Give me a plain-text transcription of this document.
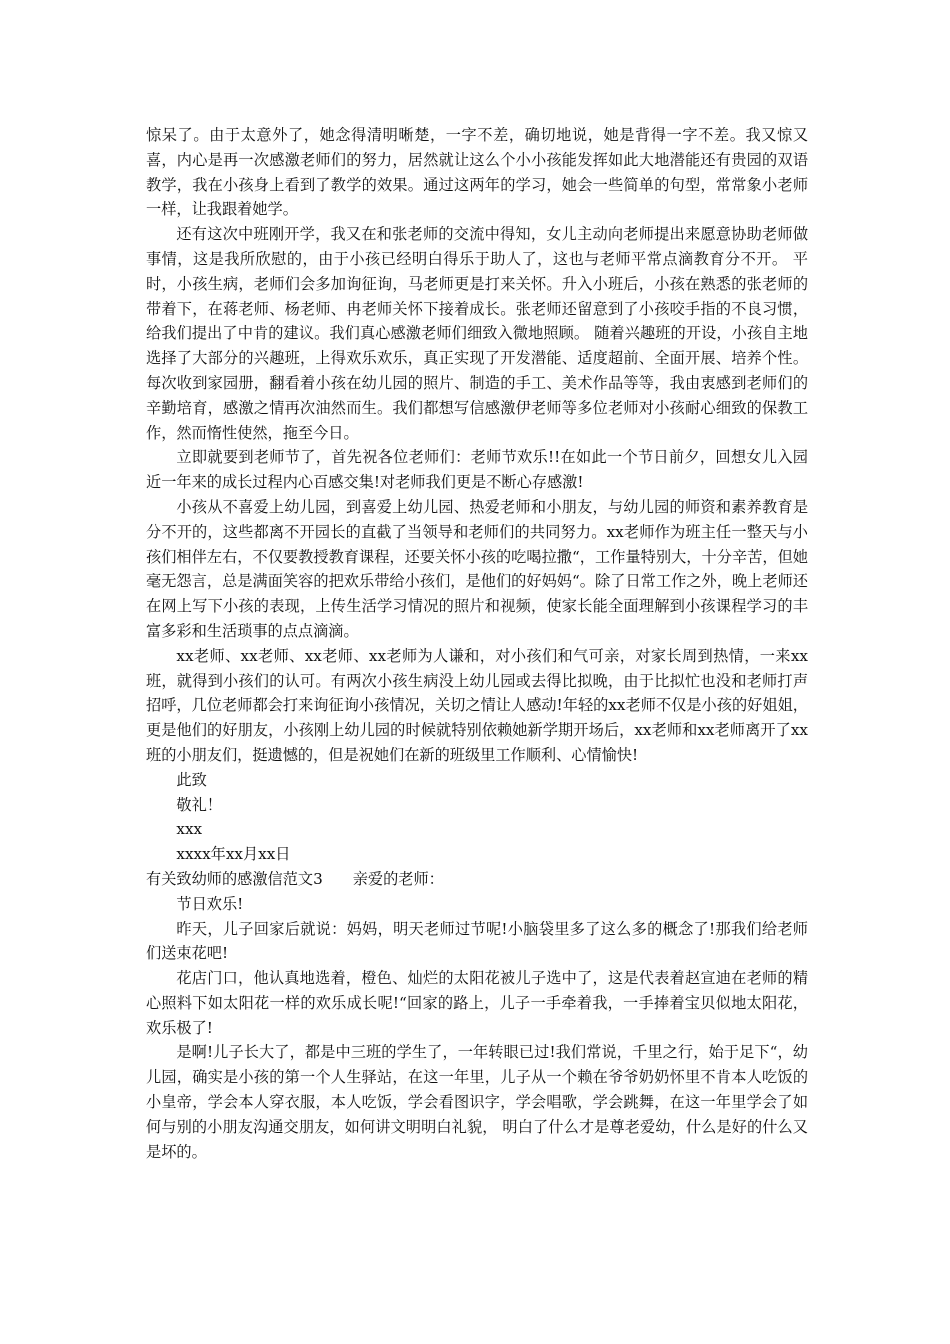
惊呆了。由于太意外了，她念得清明晰楚，一字不差，确切地说，她是背得一字不差。我又惊又喜，内心是再一次感激老师们的努力，居然就让这么个小小孩能发挥如此大地潜能还有贵园的双语教学，我在小孩身上看到了教学的效果。通过这两年的学习，她会一些简单的句型，常常象小老师一样，让我跟着她学。

还有这次中班刚开学，我又在和张老师的交流中得知，女儿主动向老师提出来愿意协助老师做事情，这是我所欣慰的，由于小孩已经明白得乐于助人了，这也与老师平常点滴教育分不开。 平时，小孩生病，老师们会多加询征询，马老师更是打来关怀。升入小班后，小孩在熟悉的张老师的带着下，在蒋老师、杨老师、冉老师关怀下接着成长。张老师还留意到了小孩咬手指的不良习惯，给我们提出了中肯的建议。我们真心感激老师们细致入微地照顾。 随着兴趣班的开设，小孩自主地选择了大部分的兴趣班，上得欢乐欢乐，真正实现了开发潜能、适度超前、全面开展、培养个性。每次收到家园册，翻看着小孩在幼儿园的照片、制造的手工、美术作品等等，我由衷感到老师们的辛勤培育，感激之情再次油然而生。我们都想写信感激伊老师等多位老师对小孩耐心细致的保教工作，然而惰性使然，拖至今日。

立即就要到老师节了，首先祝各位老师们：老师节欢乐!!在如此一个节日前夕，回想女儿入园近一年来的成长过程内心百感交集!对老师我们更是不断心存感激!

小孩从不喜爱上幼儿园，到喜爱上幼儿园、热爱老师和小朋友，与幼儿园的师资和素养教育是分不开的，这些都离不开园长的直截了当领导和老师们的共同努力。xx老师作为班主任一整天与小孩们相伴左右，不仅要教授教育课程，还要关怀小孩的吃喝拉撒“，工作量特别大，十分辛苦，但她毫无怨言，总是满面笑容的把欢乐带给小孩们，是他们的好妈妈“。除了日常工作之外，晚上老师还在网上写下小孩的表现，上传生活学习情况的照片和视频，使家长能全面理解到小孩课程学习的丰富多彩和生活琐事的点点滴滴。

xx老师、xx老师、xx老师、xx老师为人谦和，对小孩们和气可亲，对家长周到热情，一来xx班，就得到小孩们的认可。有两次小孩生病没上幼儿园或去得比拟晚，由于比拟忙也没和老师打声招呼，几位老师都会打来询征询小孩情况，关切之情让人感动!年轻的xx老师不仅是小孩的好姐姐，更是他们的好朋友，小孩刚上幼儿园的时候就特别依赖她新学期开场后，xx老师和xx老师离开了xx班的小朋友们，挺遗憾的，但是祝她们在新的班级里工作顺利、心情愉快!

此致

敬礼！

xxx

xxxx年xx月xx日

有关致幼师的感激信范文3 亲爱的老师：

节日欢乐!

昨天，儿子回家后就说：妈妈，明天老师过节呢!小脑袋里多了这么多的概念了!那我们给老师们送束花吧!

花店门口，他认真地选着，橙色、灿烂的太阳花被儿子选中了，这是代表着赵宣迪在老师的精心照料下如太阳花一样的欢乐成长呢!“回家的路上，儿子一手牵着我，一手捧着宝贝似地太阳花，欢乐极了!

是啊!儿子长大了，都是中三班的学生了，一年转眼已过!我们常说，千里之行，始于足下“，幼儿园，确实是小孩的第一个人生驿站，在这一年里，儿子从一个赖在爷爷奶奶怀里不肯本人吃饭的小皇帝，学会本人穿衣服，本人吃饭，学会看图识字，学会唱歌，学会跳舞，在这一年里学会了如何与别的小朋友沟通交朋友，如何讲文明明白礼貌， 明白了什么才是尊老爱幼，什么是好的什么又是坏的。
